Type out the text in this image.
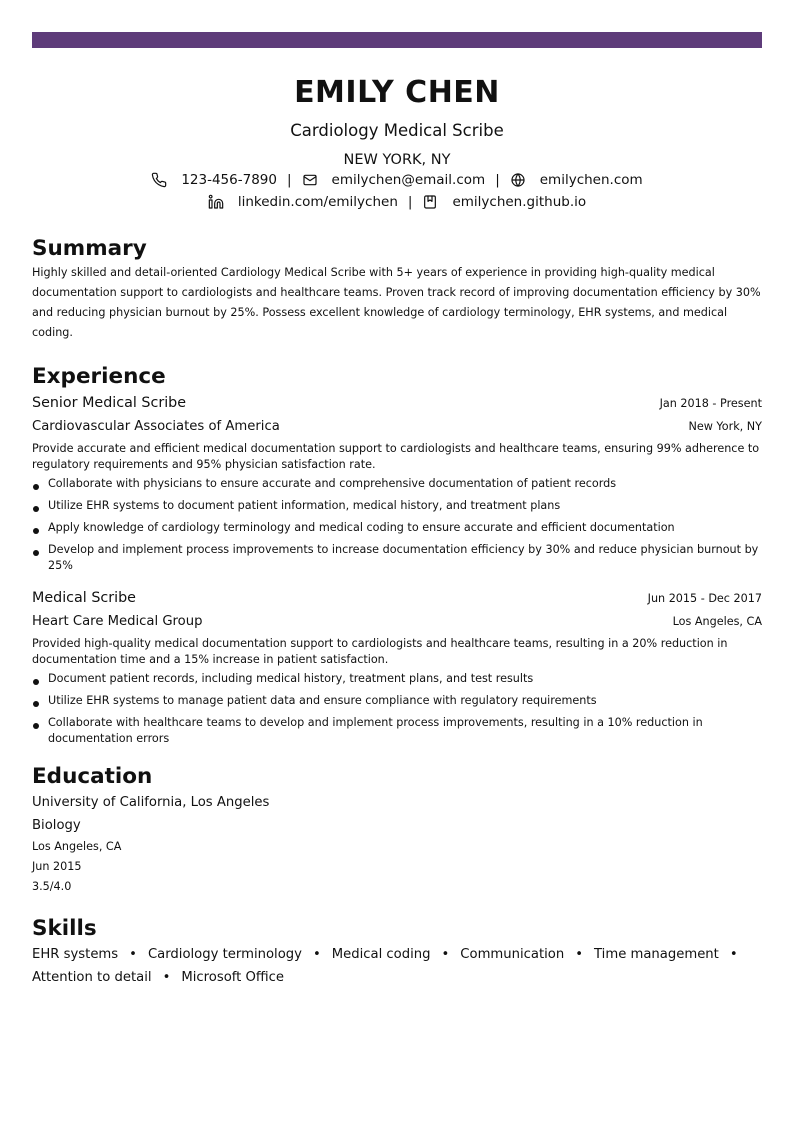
EMILY CHEN
Cardiology Medical Scribe
NEW YORK, NY
123-456-7890 |	emilychen@email.com |	emilychen.com
linkedin.com/emilychen |	emilychen.github.io
Summary
Highly skilled and detail-oriented Cardiology Medical Scribe with 5+ years of experience in providing high-quality medical documentation support to cardiologists and healthcare teams. Proven track record of improving documentation efficiency by 30% and reducing physician burnout by 25%. Possess excellent knowledge of cardiology terminology, EHR systems, and medical coding.
Experience
Senior Medical Scribe	Jan 2018 - Present
Cardiovascular Associates of America	New York, NY
Provide accurate and efficient medical documentation support to cardiologists and healthcare teams, ensuring 99% adherence to regulatory requirements and 95% physician satisfaction rate.
Collaborate with physicians to ensure accurate and comprehensive documentation of patient records
Utilize EHR systems to document patient information, medical history, and treatment plans
Apply knowledge of cardiology terminology and medical coding to ensure accurate and efficient documentation
Develop and implement process improvements to increase documentation efficiency by 30% and reduce physician burnout by 25%
Medical Scribe	Jun 2015 - Dec 2017
Heart Care Medical Group	Los Angeles, CA
Provided high-quality medical documentation support to cardiologists and healthcare teams, resulting in a 20% reduction in documentation time and a 15% increase in patient satisfaction.
Document patient records, including medical history, treatment plans, and test results
Utilize EHR systems to manage patient data and ensure compliance with regulatory requirements
Collaborate with healthcare teams to develop and implement process improvements, resulting in a 10% reduction in documentation errors
Education
University of California, Los Angeles
Biology
Los Angeles, CA
Jun 2015
3.5/4.0
Skills
EHR systems • Cardiology terminology • Medical coding • Communication • Time management •
Attention to detail • Microsoft Office
